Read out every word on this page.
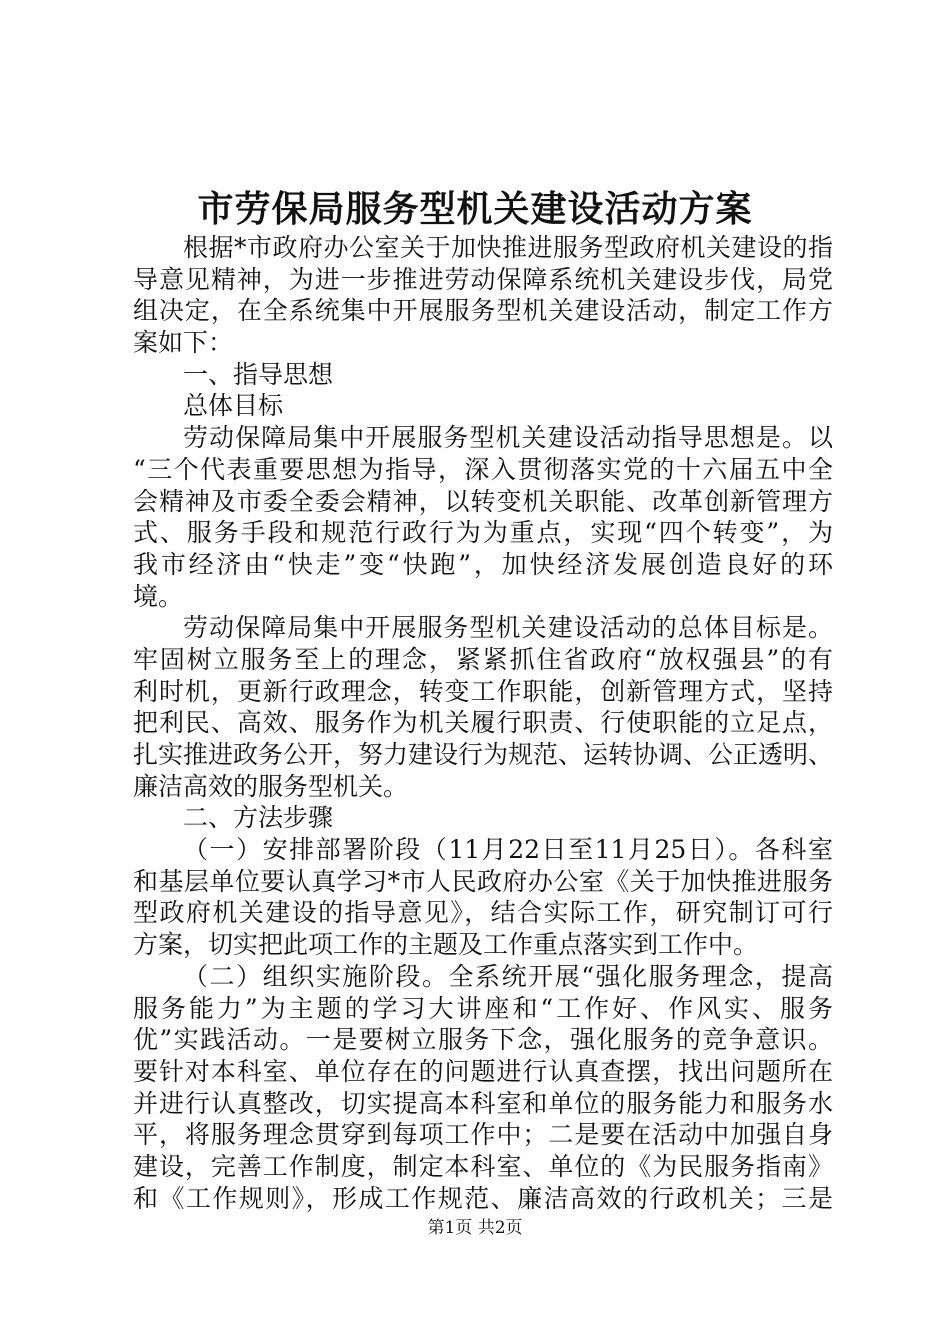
市劳保局服务型机关建设活动方案
根据*市政府办公室关于加快推进服务型政府机关建设的指
导意见精神，为进一步推进劳动保障系统机关建设步伐，局党
组决定，在全系统集中开展服务型机关建设活动，制定工作方
案如下：
一、指导思想
总体目标
劳动保障局集中开展服务型机关建设活动指导思想是。以
“三个代表重要思想为指导，深入贯彻落实党的十六届五中全
会精神及市委全委会精神，以转变机关职能、改革创新管理方
式、服务手段和规范行政行为为重点，实现“四个转变”，为
我市经济由“快走”变“快跑”，加快经济发展创造良好的环
境。
劳动保障局集中开展服务型机关建设活动的总体目标是。
牢固树立服务至上的理念，紧紧抓住省政府“放权强县”的有
利时机，更新行政理念，转变工作职能，创新管理方式，坚持
把利民、高效、服务作为机关履行职责、行使职能的立足点，
扎实推进政务公开，努力建设行为规范、运转协调、公正透明、
廉洁高效的服务型机关。
二、方法步骤
（一）安排部署阶段（11月22日至11月25日）。各科室
和基层单位要认真学习*市人民政府办公室《关于加快推进服务
型政府机关建设的指导意见》，结合实际工作，研究制订可行
方案，切实把此项工作的主题及工作重点落实到工作中。
（二）组织实施阶段。全系统开展“强化服务理念，提高
服务能力”为主题的学习大讲座和“工作好、作风实、服务
优”实践活动。一是要树立服务下念，强化服务的竞争意识。
要针对本科室、单位存在的问题进行认真查摆，找出问题所在
并进行认真整改，切实提高本科室和单位的服务能力和服务水
平，将服务理念贯穿到每项工作中；二是要在活动中加强自身
建设，完善工作制度，制定本科室、单位的《为民服务指南》
和《工作规则》，形成工作规范、廉洁高效的行政机关；三是
第1页 共2页
